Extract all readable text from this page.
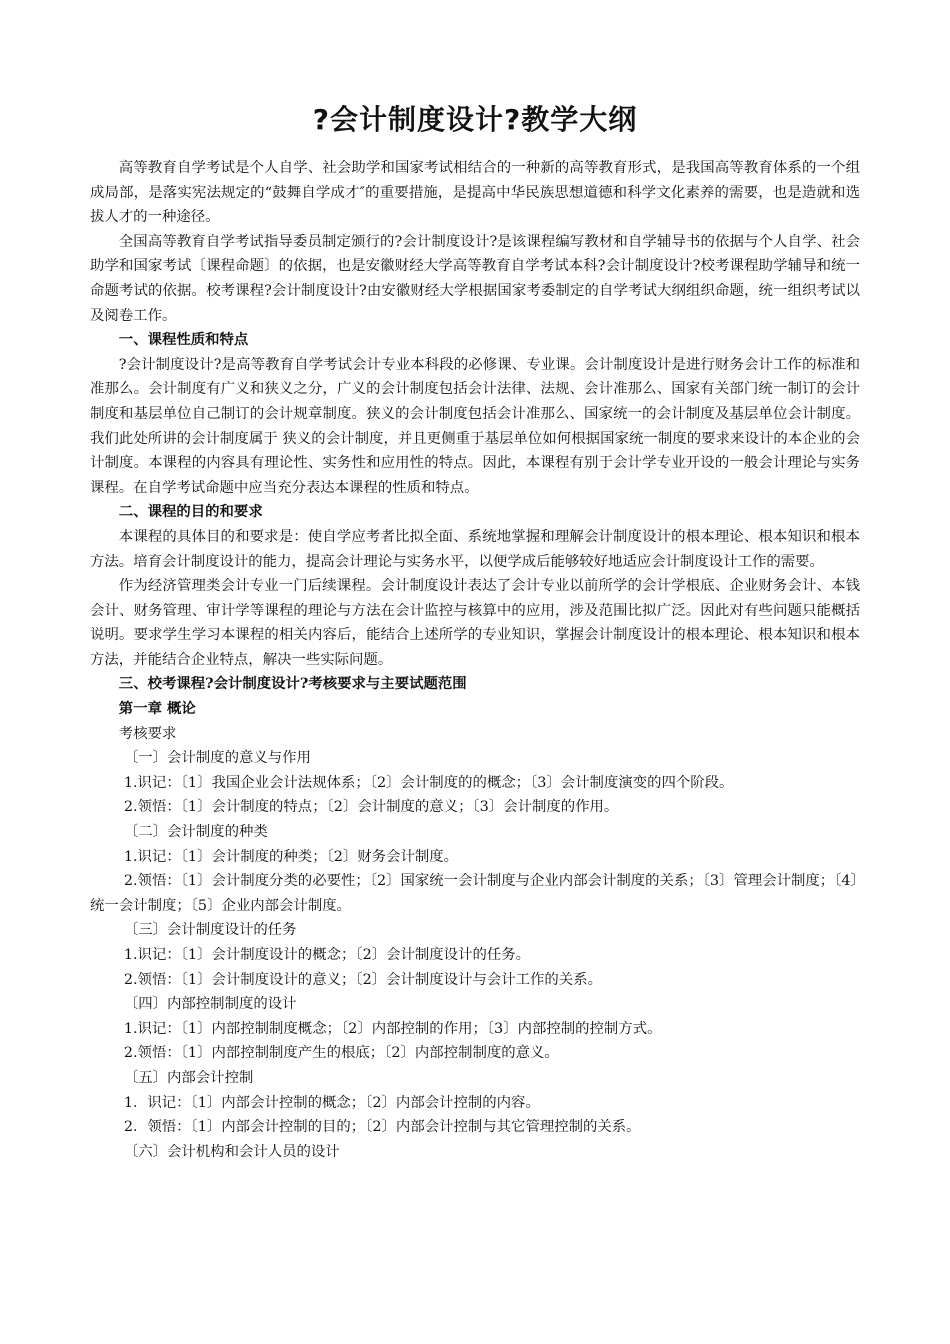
?会计制度设计?教学大纲

高等教育自学考试是个人自学、社会助学和国家考试相结合的一种新的高等教育形式，是我国高等教育体系的一个组成局部，是落实宪法规定的“鼓舞自学成才″的重要措施，是提高中华民族思想道德和科学文化素养的需要，也是造就和选拔人才的一种途径。

全国高等教育自学考试指导委员制定颁行的?会计制度设计?是该课程编写教材和自学辅导书的依据与个人自学、社会助学和国家考试〔课程命题〕的依据，也是安徽财经大学高等教育自学考试本科?会计制度设计?校考课程助学辅导和统一命题考试的依据。校考课程?会计制度设计?由安徽财经大学根据国家考委制定的自学考试大纲组织命题，统一组织考试以及阅卷工作。

一、课程性质和特点

?会计制度设计?是高等教育自学考试会计专业本科段的必修课、专业课。会计制度设计是进行财务会计工作的标准和准那么。会计制度有广义和狭义之分，广义的会计制度包括会计法律、法规、会计准那么、国家有关部门统一制订的会计制度和基层单位自己制订的会计规章制度。狭义的会计制度包括会计准那么、国家统一的会计制度及基层单位会计制度。我们此处所讲的会计制度属于 狭义的会计制度，并且更侧重于基层单位如何根据国家统一制度的要求来设计的本企业的会计制度。本课程的内容具有理论性、实务性和应用性的特点。因此，本课程有别于会计学专业开设的一般会计理论与实务课程。在自学考试命题中应当充分表达本课程的性质和特点。

二、课程的目的和要求

本课程的具体目的和要求是：使自学应考者比拟全面、系统地掌握和理解会计制度设计的根本理论、根本知识和根本方法。培育会计制度设计的能力，提高会计理论与实务水平，以便学成后能够较好地适应会计制度设计工作的需要。

作为经济管理类会计专业一门后续课程。会计制度设计表达了会计专业以前所学的会计学根底、企业财务会计、本钱会计、财务管理、审计学等课程的理论与方法在会计监控与核算中的应用，涉及范围比拟广泛。因此对有些问题只能概括说明。要求学生学习本课程的相关内容后，能结合上述所学的专业知识，掌握会计制度设计的根本理论、根本知识和根本方法，并能结合企业特点，解决一些实际问题。

三、校考课程?会计制度设计?考核要求与主要试题范围

第一章 概论

考核要求

〔一〕会计制度的意义与作用

1.识记：〔1〕我国企业会计法规体系；〔2〕会计制度的的概念；〔3〕会计制度演变的四个阶段。

2.领悟：〔1〕会计制度的特点；〔2〕会计制度的意义；〔3〕会计制度的作用。

〔二〕会计制度的种类

1.识记：〔1〕会计制度的种类；〔2〕财务会计制度。

2.领悟：〔1〕会计制度分类的必要性；〔2〕国家统一会计制度与企业内部会计制度的关系；〔3〕管理会计制度；〔4〕统一会计制度；〔5〕企业内部会计制度。

〔三〕会计制度设计的任务

1.识记：〔1〕会计制度设计的概念；〔2〕会计制度设计的任务。

2.领悟：〔1〕会计制度设计的意义；〔2〕会计制度设计与会计工作的关系。

〔四〕内部控制制度的设计

1.识记：〔1〕内部控制制度概念；〔2〕内部控制的作用；〔3〕内部控制的控制方式。

2.领悟：〔1〕内部控制制度产生的根底；〔2〕内部控制制度的意义。

〔五〕内部会计控制

1．识记：〔1〕内部会计控制的概念；〔2〕内部会计控制的内容。

2．领悟：〔1〕内部会计控制的目的；〔2〕内部会计控制与其它管理控制的关系。

〔六〕会计机构和会计人员的设计
